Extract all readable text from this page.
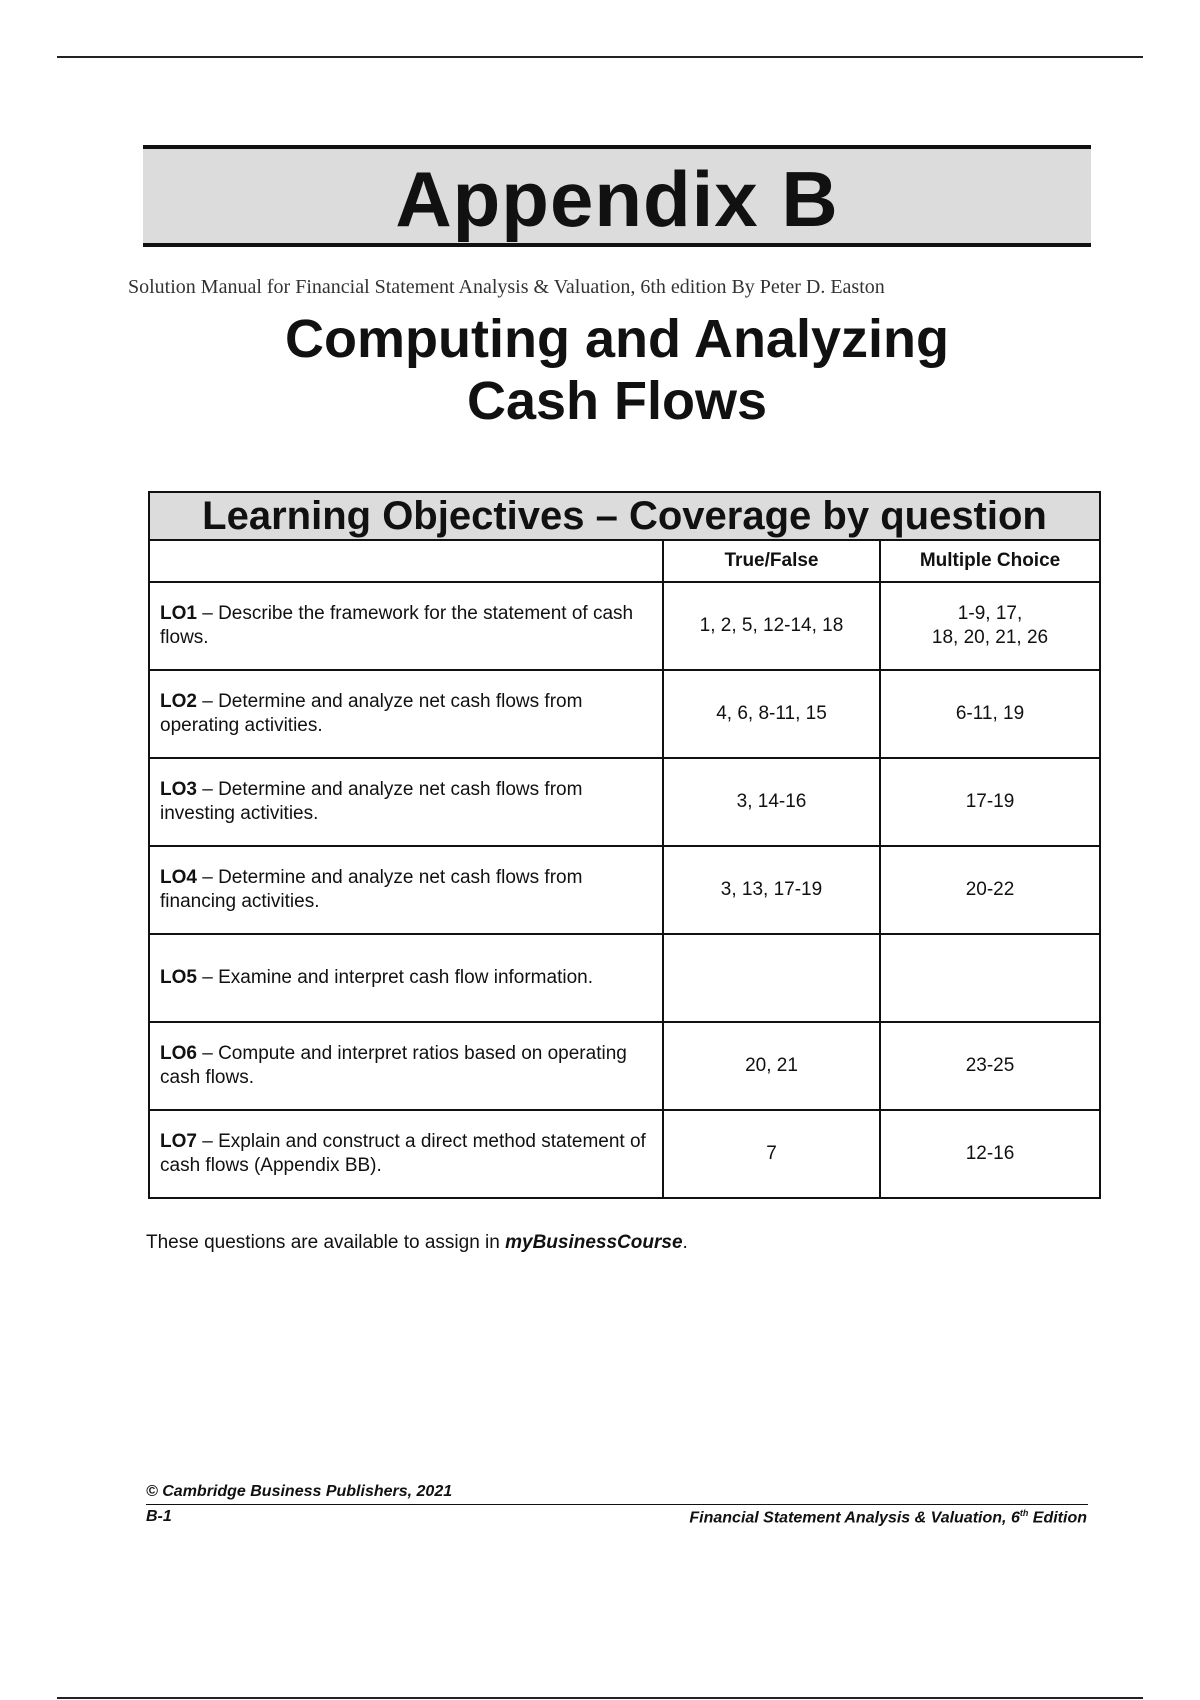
Appendix B
Solution Manual for Financial Statement Analysis & Valuation, 6th edition By Peter D. Easton
Computing and Analyzing
Cash Flows
Learning Objectives – Coverage by question		
	True/False	Multiple Choice
LO1 – Describe the framework for the statement of cash flows.	1, 2, 5, 12-14, 18	1-9, 17,
18, 20, 21, 26

LO2 – Determine and analyze net cash flows from operating activities.	4, 6, 8-11, 15	6-11, 19
LO3 – Determine and analyze net cash flows from investing activities.	3, 14-16	17-19
LO4 – Determine and analyze net cash flows from financing activities.	3, 13, 17-19	20-22
LO5 – Examine and interpret cash flow information.		
LO6 – Compute and interpret ratios based on operating cash flows.	20, 21	23-25
LO7 – Explain and construct a direct method statement of cash flows (Appendix BB).	7	12-16
These questions are available to assign in myBusinessCourse.
© Cambridge Business Publishers, 2021
B-1	Financial Statement Analysis & Valuation, 6th Edition
